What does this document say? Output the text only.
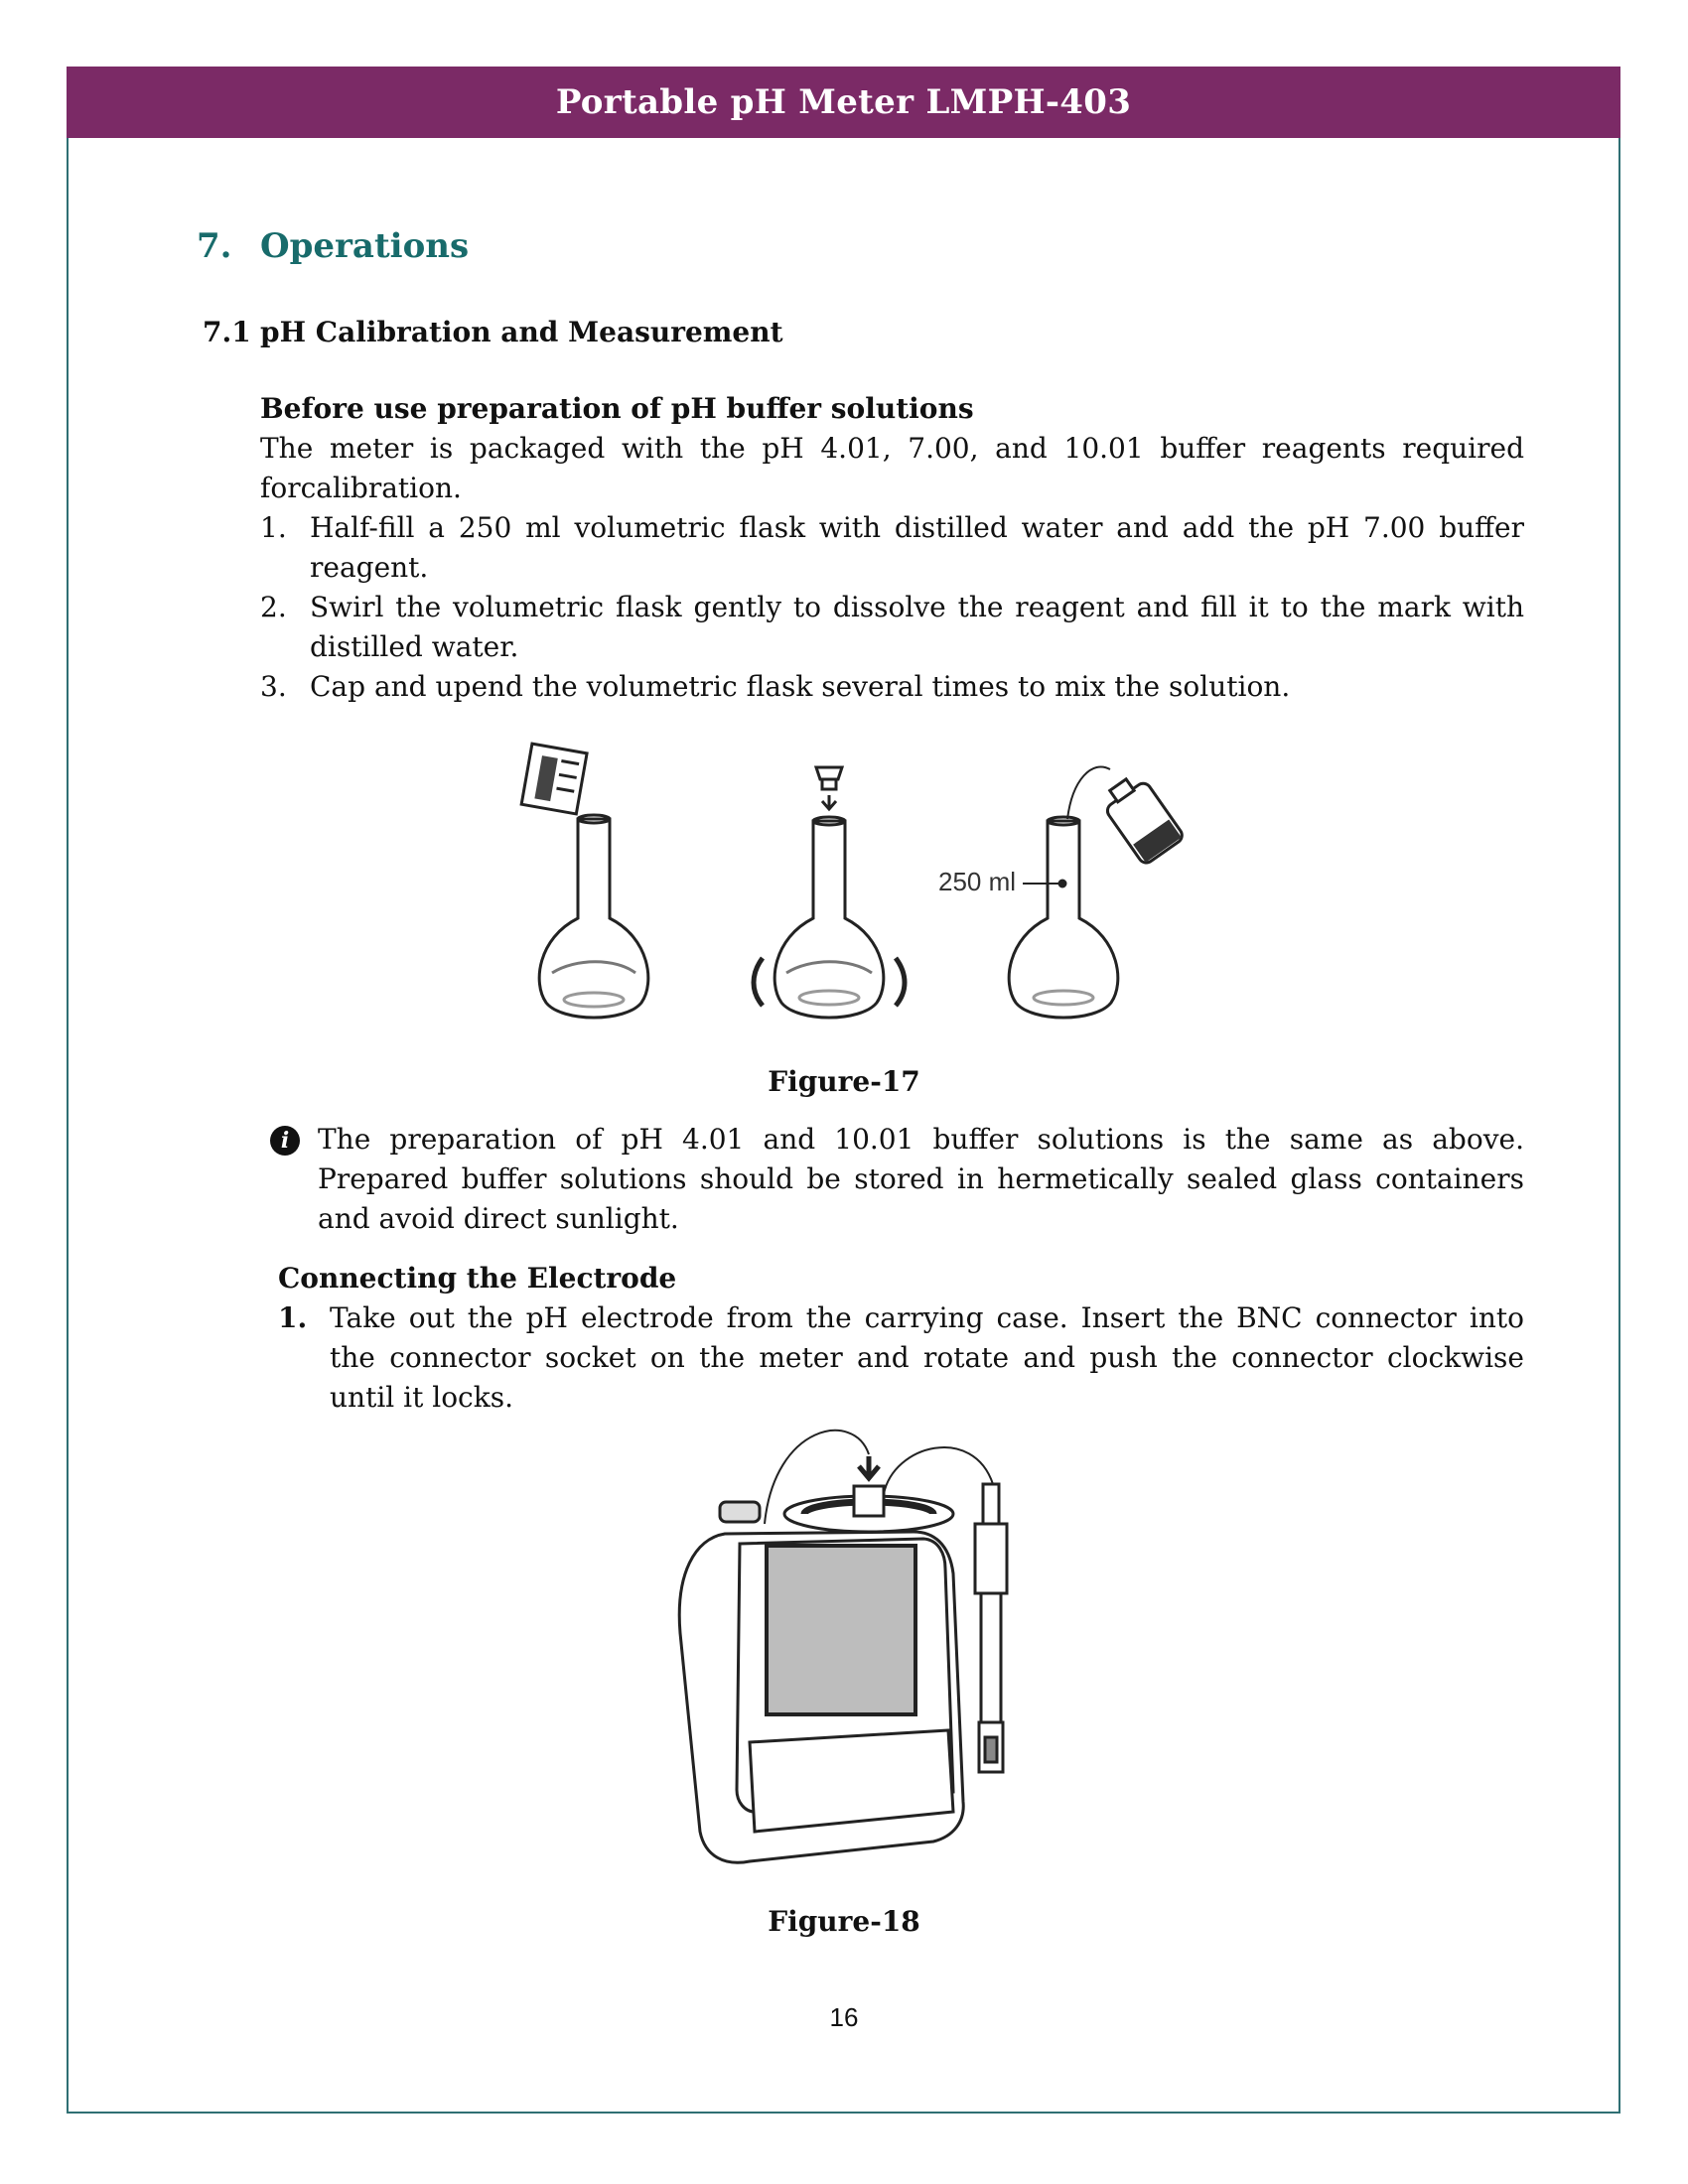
Portable pH Meter LMPH-403
7. Operations
7.1 pH Calibration and Measurement
Before use preparation of pH buffer solutions
The meter is packaged with the pH 4.01, 7.00, and 10.01 buffer reagents required forcalibration.
1. Half-fill a 250 ml volumetric flask with distilled water and add the pH 7.00 buffer reagent.
2. Swirl the volumetric flask gently to dissolve the reagent and fill it to the mark with distilled water.
3. Cap and upend the volumetric flask several times to mix the solution.
250 ml
Figure-17
i	The preparation of pH 4.01 and 10.01 buffer solutions is the same as above. Prepared buffer solutions should be stored in hermetically sealed glass containers and avoid direct sunlight.
Connecting the Electrode
1. Take out the pH electrode from the carrying case. Insert the BNC connector into the connector socket on the meter and rotate and push the connector clockwise until it locks.
Figure-18
16
